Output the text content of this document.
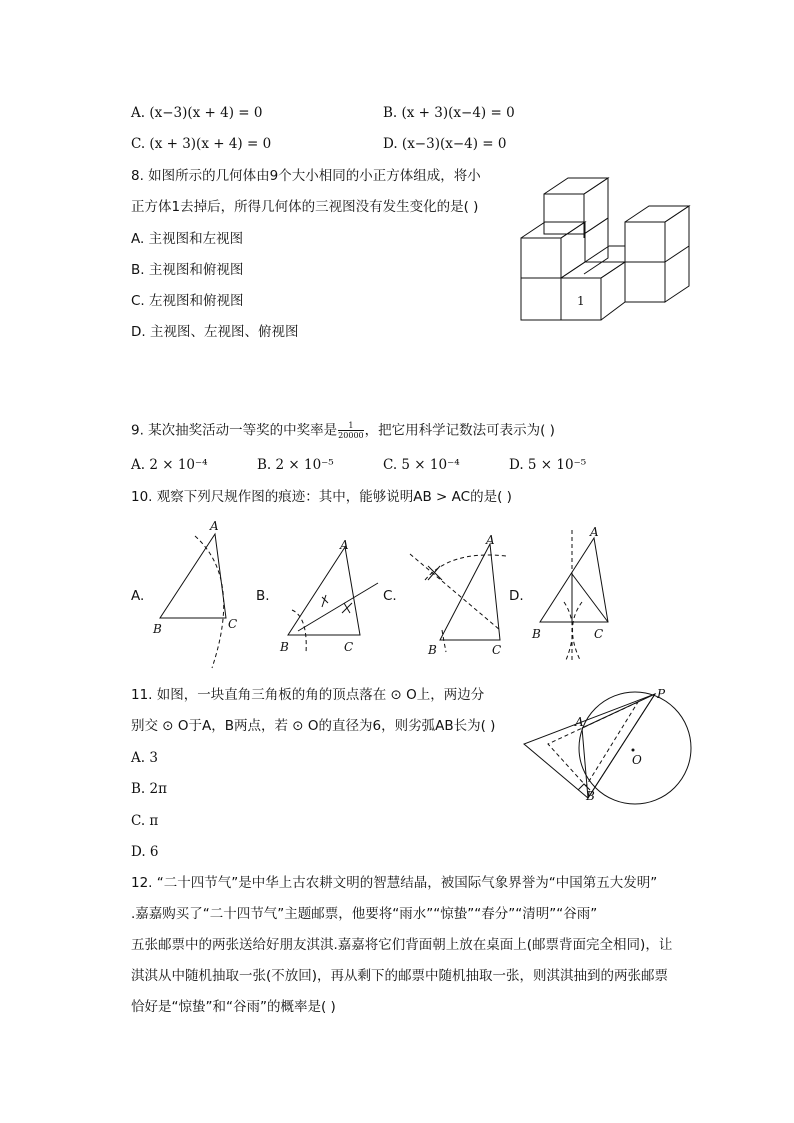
A. (x−3)(x + 4) = 0	B. (x + 3)(x−4) = 0
C. (x + 3)(x + 4) = 0	D. (x−3)(x−4) = 0
8. 如图所示的几何体由9个大小相同的小正方体组成，将小
正方体1去掉后，所得几何体的三视图没有发生变化的是( )
A. 主视图和左视图
B. 主视图和俯视图
C. 左视图和俯视图
D. 主视图、左视图、俯视图
1
9. 某次抽奖活动一等奖的中奖率是 $\frac{1}{20000}$ ，把它用科学记数法可表示为( )
A. 2 × 10⁻⁴	B. 2 × 10⁻⁵	C. 5 × 10⁻⁴	D. 5 × 10⁻⁵
10. 观察下列尺规作图的痕迹：其中，能够说明AB > AC的是( )
A.	B.	C.	D.
A
B	C
A
B	C
A
B	C
A
B	C
11. 如图，一块直角三角板的角的顶点落在 ⊙ O上，两边分
别交 ⊙ O于A，B两点，若 ⊙ O的直径为6，则劣弧AB长为( )
A. 3
B. 2π
C. π
D. 6
P
A
B
O
12. “二十四节气”是中华上古农耕文明的智慧结晶，被国际气象界誉为“中国第五大发明”
.嘉嘉购买了“二十四节气”主题邮票，他要将“雨水”“惊蛰”“春分”“清明”“谷雨”
五张邮票中的两张送给好朋友淇淇.嘉嘉将它们背面朝上放在桌面上(邮票背面完全相同)，让
淇淇从中随机抽取一张(不放回)，再从剩下的邮票中随机抽取一张，则淇淇抽到的两张邮票
恰好是“惊蛰”和“谷雨”的概率是( )
